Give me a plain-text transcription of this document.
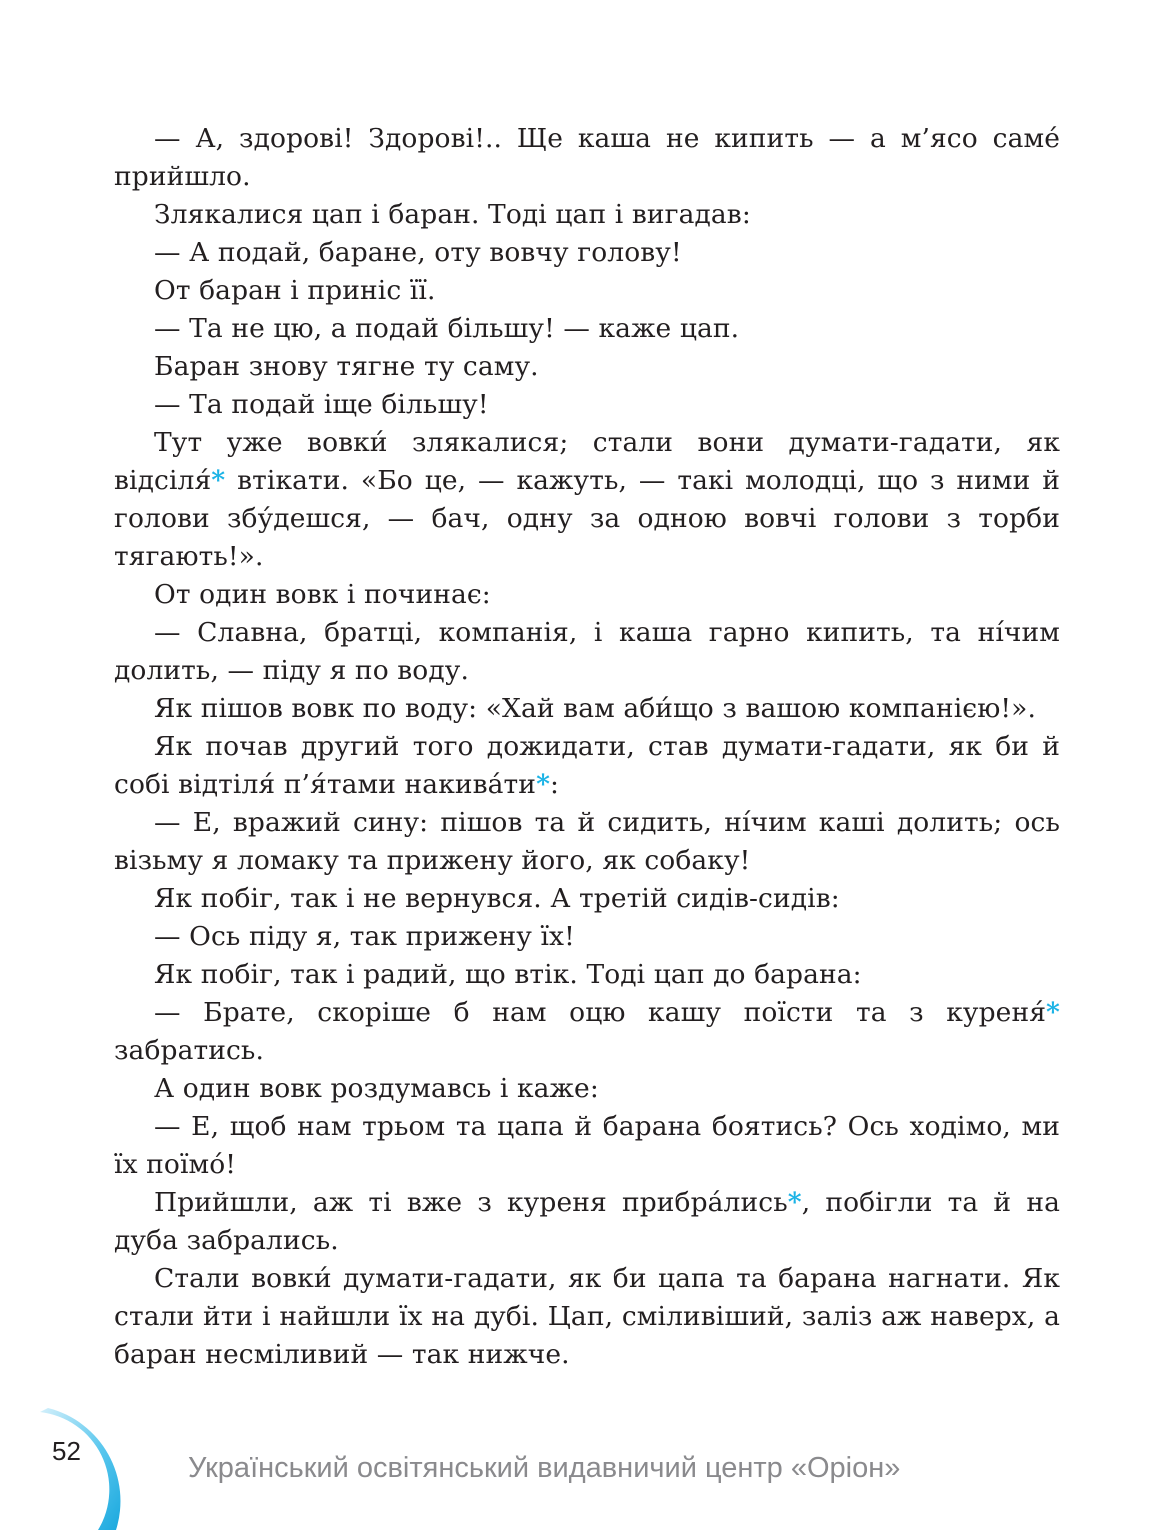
— А, здорові! Здорові!.. Ще каша не кипить — а м’ясо саме́ прийшло.

Злякалися цап і баран. Тоді цап і вигадав:

— А подай, баране, оту вовчу голову!

От баран і приніс її.

— Та не цю, а подай більшу! — каже цап.

Баран знову тягне ту саму.

— Та подай іще більшу!

Тут уже вовки́ злякалися; стали вони думати-гадати, як відсіля́* втікати. «Бо це, — кажуть, — такі молодці, що з ними й голови збу́дешся, — бач, одну за одною вовчі голови з торби тягають!».

От один вовк і починає:

— Славна, братці, компанія, і каша гарно кипить, та ні́чим долить, — піду я по воду.

Як пішов вовк по воду: «Хай вам аби́що з вашою компанією!».

Як почав другий того дожидати, став думати-гадати, як би й собі відтіля́ п’я́тами накива́ти*:

— Е, вражий сину: пішов та й сидить, ні́чим каші долить; ось візьму я ломаку та прижену його, як собаку!

Як побіг, так і не вернувся. А третій сидів-сидів:

— Ось піду я, так прижену їх!

Як побіг, так і радий, що втік. Тоді цап до барана:

— Брате, скоріше б нам оцю кашу поїсти та з куреня́* забратись.

А один вовк роздумавсь і каже:

— Е, щоб нам трьом та цапа й барана боятись? Ось ходімо, ми їх поїмо́!

Прийшли, аж ті вже з куреня прибра́лись*, побігли та й на дуба забрались.

Стали вовки́ думати-гадати, як би цапа та барана нагнати. Як стали йти і найшли їх на дубі. Цап, сміливіший, заліз аж наверх, а баран несміливий — так нижче.

52
Український освітянський видавничий центр «Оріон»
